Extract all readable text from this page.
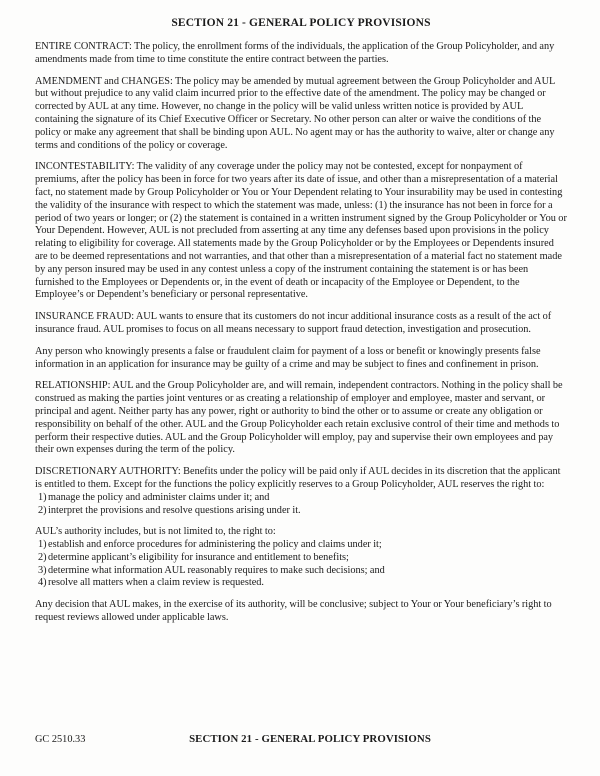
SECTION 21 - GENERAL POLICY PROVISIONS

ENTIRE CONTRACT: The policy, the enrollment forms of the individuals, the application of the Group Policyholder, and any amendments made from time to time constitute the entire contract between the parties.

AMENDMENT and CHANGES: The policy may be amended by mutual agreement between the Group Policyholder and AUL but without prejudice to any valid claim incurred prior to the effective date of the amendment. The policy may be changed or corrected by AUL at any time. However, no change in the policy will be valid unless written notice is provided by AUL containing the signature of its Chief Executive Officer or Secretary. No other person can alter or waive the conditions of the policy or make any agreement that shall be binding upon AUL. No agent may or has the authority to waive, alter or change any terms and conditions of the policy or coverage.

INCONTESTABILITY: The validity of any coverage under the policy may not be contested, except for nonpayment of premiums, after the policy has been in force for two years after its date of issue, and other than a misrepresentation of a material fact, no statement made by Group Policyholder or You or Your Dependent relating to Your insurability may be used in contesting the validity of the insurance with respect to which the statement was made, unless: (1) the insurance has not been in force for a period of two years or longer; or (2) the statement is contained in a written instrument signed by the Group Policyholder or You or Your Dependent. However, AUL is not precluded from asserting at any time any defenses based upon provisions in the policy relating to eligibility for coverage. All statements made by the Group Policyholder or by the Employees or Dependents insured are to be deemed representations and not warranties, and that other than a misrepresentation of a material fact no statement made by any person insured may be used in any contest unless a copy of the instrument containing the statement is or has been furnished to the Employees or Dependents or, in the event of death or incapacity of the Employee or Dependent, to the Employee’s or Dependent’s beneficiary or personal representative.

INSURANCE FRAUD: AUL wants to ensure that its customers do not incur additional insurance costs as a result of the act of insurance fraud. AUL promises to focus on all means necessary to support fraud detection, investigation and prosecution.

Any person who knowingly presents a false or fraudulent claim for payment of a loss or benefit or knowingly presents false information in an application for insurance may be guilty of a crime and may be subject to fines and confinement in prison.

RELATIONSHIP: AUL and the Group Policyholder are, and will remain, independent contractors. Nothing in the policy shall be construed as making the parties joint ventures or as creating a relationship of employer and employee, master and servant, or principal and agent. Neither party has any power, right or authority to bind the other or to assume or create any obligation or responsibility on behalf of the other. AUL and the Group Policyholder each retain exclusive control of their time and methods to perform their respective duties. AUL and the Group Policyholder will employ, pay and supervise their own employees and pay their own expenses during the term of the policy.

DISCRETIONARY AUTHORITY: Benefits under the policy will be paid only if AUL decides in its discretion that the applicant is entitled to them. Except for the functions the policy explicitly reserves to a Group Policyholder, AUL reserves the right to:

1) manage the policy and administer claims under it; and
2) interpret the provisions and resolve questions arising under it.

AUL’s authority includes, but is not limited to, the right to:

1) establish and enforce procedures for administering the policy and claims under it;
2) determine applicant’s eligibility for insurance and entitlement to benefits;
3) determine what information AUL reasonably requires to make such decisions; and
4) resolve all matters when a claim review is requested.

Any decision that AUL makes, in the exercise of its authority, will be conclusive; subject to Your or Your beneficiary’s right to request reviews allowed under applicable laws.

GC 2510.33	SECTION 21 - GENERAL POLICY PROVISIONS
